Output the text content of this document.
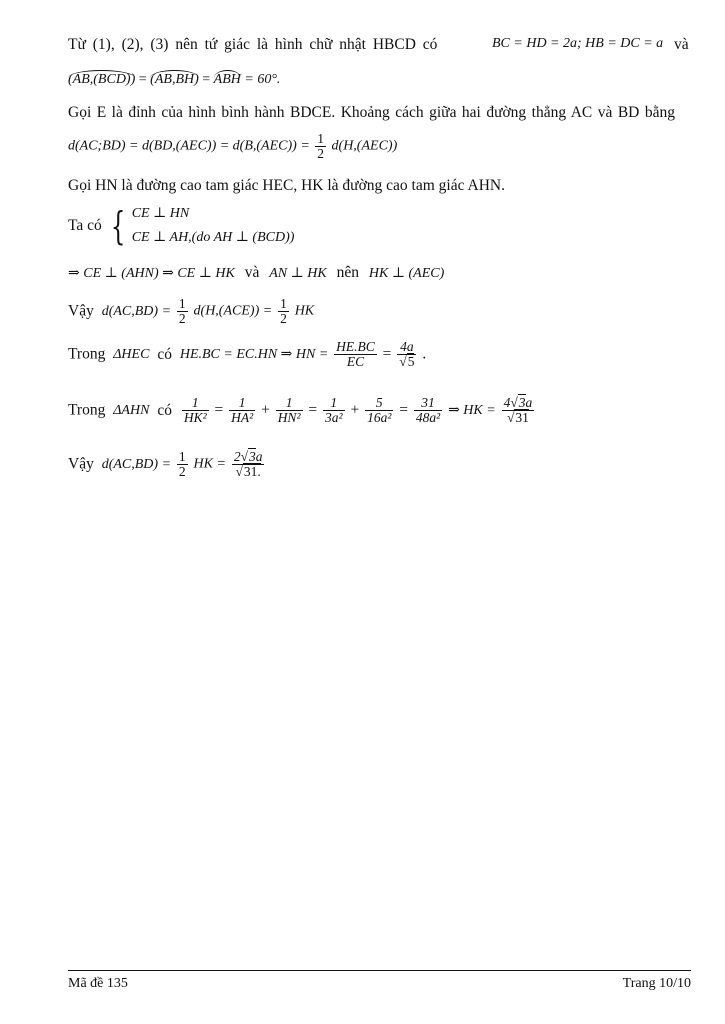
Từ (1), (2), (3) nên tứ giác là hình chữ nhật HBCD có	BC = HD = 2a; HB = DC = a và
(AB,(BCD)) = (AB,BH) = ABH = 60°.
Gọi E là đỉnh của hình bình hành BDCE. Khoảng cách giữa hai đường thẳng AC và BD bằng
d(AC;BD) = $d(BD,(AEC)) = d(B,(AEC)) = \frac{1}{2} d(H,(AEC))$
Gọi HN là đường cao tam giác HEC, HK là đường cao tam giác AHN.
Ta có { CE ⊥ HN
CE ⊥ AH,(do AH ⊥ (BCD))
⇒ CE ⊥ (AHN) ⇒ CE ⊥ HK và AN ⊥ HK nên HK ⊥ (AEC)
Vậy $d(AC,BD) = \frac{1}{2} d(H,(ACE)) = \frac{1}{2}$ HK
Trong ΔHEC có HE.BC = EC.HN ⇒ HN = $\frac{HE.BC}{EC} = \frac{4a}{√5}$ .
Trong ΔAHN có $\frac{1}{\text{HK²}} = \frac{1}{\text{HA²}} + \frac{1}{\text{HN²}} = \frac{1}{\text{3a²}} + \frac{5}{\text{16a²}} = \frac{31}{\text{48a²}}$ ⇒ HK = $\frac{4√3a}{√31}$
Vậy $d(AC,BD) = \frac{1}{2}$ HK = $\frac{2√3a}{√31.}$
Mã đề 135	Trang 10/10
